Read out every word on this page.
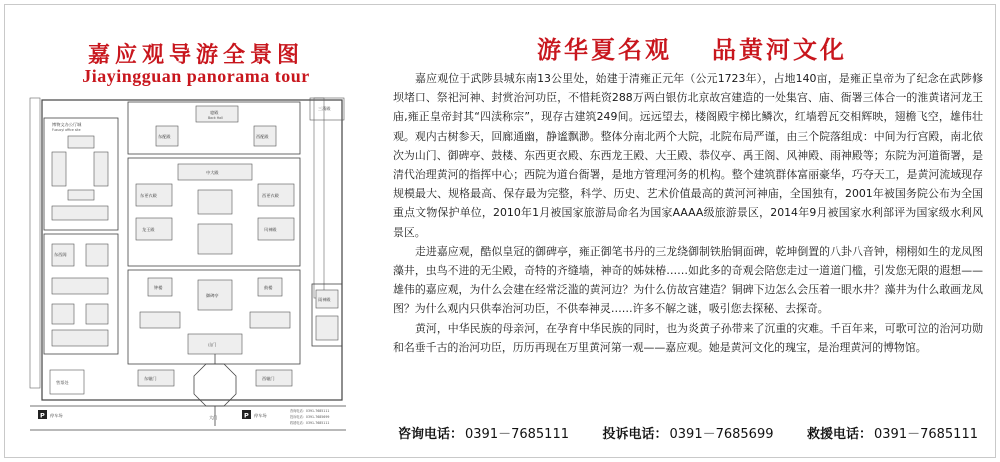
嘉应观导游全景图
Jiayingguan panorama tour
博物文办公厅城
Fuzuoyi office site
寝殿
Back Hall
东配殿	西配殿
三清殿
中大殿
东更衣殿	西更衣殿
龙王殿	风神殿
东西阁
雨神殿
钟楼	鼓楼
御碑亭
山门
东辕门	西辕门
售票处
P 停车场	P 停车场
大门
咨询电话：0391-7685111
投诉电话：0391-7685699
救援电话：0391-7685111
游华夏名观 品黄河文化

嘉应观位于武陟县城东南13公里处，始建于清雍正元年（公元1723年），占地140亩，是雍正皇帝为了纪念在武陟修坝堵口、祭祀河神、封赏治河功臣，不惜耗资288万两白银仿北京故宫建造的一处集宫、庙、衙署三体合一的淮黄诸河龙王庙,雍正皇帝封其“四渎称宗”，现存古建筑249间。远远望去，楼阁殿宇梯比鳞次，红墙碧瓦交相辉映，翅檐飞空，雄伟壮观。观内古树参天，回廊通幽，静谧飘渺。整体分南北两个大院，北院布局严谨，由三个院落组成：中间为行宫殿，南北依次为山门、御碑亭、鼓楼、东西更衣殿、东西龙王殿、大王殿、恭仪亭、禹王阁、风神殿、雨神殿等；东院为河道衙署，是清代治理黄河的指挥中心；西院为道台衙署，是地方管理河务的机构。整个建筑群体富丽豪华，巧夺天工，是黄河流域现存规模最大、规格最高、保存最为完整，科学、历史、艺术价值最高的黄河河神庙，全国独有，2001年被国务院公布为全国重点文物保护单位，2010年1月被国家旅游局命名为国家AAAA级旅游景区，2014年9月被国家水利部评为国家级水利风景区。

走进嘉应观，酷似皇冠的御碑亭，雍正御笔书丹的三龙绕御制铁胎铜面碑，乾坤倒置的八卦八音钟，栩栩如生的龙凤图藻井，虫鸟不进的无尘殿，奇特的齐缝墙，神奇的姊妹椿……如此多的奇观会陪您走过一道道门槛，引发您无限的遐想——雄伟的嘉应观，为什么会建在经常泛滥的黄河边？为什么仿故宫建造？铜碑下边怎么会压着一眼水井？藻井为什么敢画龙凤图？为什么观内只供奉治河功臣，不供奉神灵……许多不解之谜，吸引您去探秘、去探奇。

黄河，中华民族的母亲河，在孕育中华民族的同时，也为炎黄子孙带来了沉重的灾难。千百年来，可歌可泣的治河功勋和名垂千古的治河功臣，历历再现在万里黄河第一观——嘉应观。她是黄河文化的瑰宝，是治理黄河的博物馆。

咨询电话： 0391－7685111	投诉电话： 0391－7685699	救援电话： 0391－7685111
